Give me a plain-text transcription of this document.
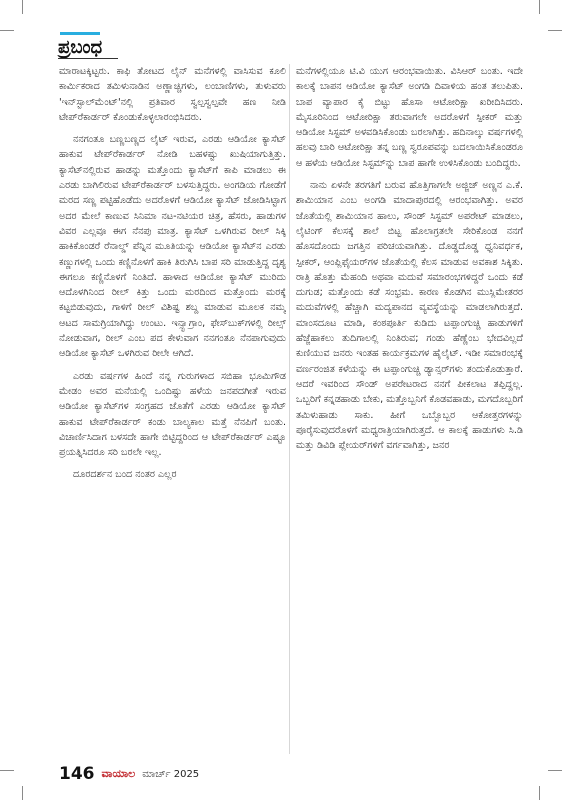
ಪ್ರಬಂಧ

ಮಾರಾಟಕ್ಕಿಟ್ಟರು. ಕಾಫಿ ತೋಟದ ಲೈನ್ ಮನೆಗಳಲ್ಲಿ ವಾಸಿಸುವ ಕೂಲಿ ಕಾರ್ಮಿಕರಾದ ತಮಿಳುನಾಡಿನ ಅಣ್ಣಾಚ್ಚಿಗಳು, ಲಂಬಾಣಿಗಳು, ತುಳುವರು 'ಇನ್‌ಸ್ಟಾಲ್‌ಮೆಂಟ್'ನಲ್ಲಿ ಪ್ರತಿವಾರ ಸ್ವಲ್ಪಸ್ವಲ್ಪವೇ ಹಣ ನೀಡಿ ಟೇಪ್‌ರೆಕಾರ್ಡರ್ ಕೊಂಡುಕೊಳ್ಳಲಾರಂಭಿಸಿದರು.

ನನಗಂತೂ ಬಣ್ಣಬಣ್ಣದ ಲೈಟ್ ಇರುವ, ಎರಡು ಆಡಿಯೋ ಕ್ಯಾಸೆಟ್ ಹಾಕುವ ಟೇಪ್‌ರೆಕಾರ್ಡರ್ ನೋಡಿ ಬಹಳಷ್ಟು ಖುಷಿಯಾಗುತ್ತಿತ್ತು. ಕ್ಯಾಸೆಟ್‌ನಲ್ಲಿರುವ ಹಾಡನ್ನು ಮತ್ತೊಂದು ಕ್ಯಾಸೆಟ್‌ಗೆ ಕಾಪಿ ಮಾಡಲು ಈ ಎರಡು ಬಾಗಿಲಿರುವ ಟೇಪ್‌ರೆಕಾರ್ಡರ್ ಬಳಸುತ್ತಿದ್ದರು. ಅಂಗಡಿಯ ಗೋಡೆಗೆ ಮರದ ಸಣ್ಣ ಪಟ್ಟಿಹೊಡೆದು ಅದರೊಳಗೆ ಆಡಿಯೋ ಕ್ಯಾಸೆಟ್ ಜೋಡಿಸಿಟ್ಟಾಗ ಅದರ ಮೇಲೆ ಕಾಣುವ ಸಿನಿಮಾ ನಟ-ನಟಿಯರ ಚಿತ್ರ, ಹೆಸರು, ಹಾಡುಗಳ ವಿವರ ಎಲ್ಲವೂ ಈಗ ನೆನಪು ಮಾತ್ರ. ಕ್ಯಾಸೆಟ್ ಒಳಗಿರುವ ರೀಲ್ ಸಿಕ್ಕಿ ಹಾಕಿಕೊಂಡರೆ ರೆನಾಲ್ಡ್ ಪೆನ್ನಿನ ಮೂತಿಯನ್ನು ಆಡಿಯೋ ಕ್ಯಾಸೆಟ್‌ನ ಎರಡು ಕಣ್ಣುಗಳಲ್ಲಿ ಒಂದು ಕಣ್ಣಿನೊಳಗೆ ಹಾಕಿ ತಿರುಗಿಸಿ ಬಾಪ ಸರಿ ಮಾಡುತ್ತಿದ್ದ ದೃಶ್ಯ ಈಗಲೂ ಕಣ್ಣಿನೊಳಗೆ ನಿಂತಿದೆ. ಹಾಳಾದ ಆಡಿಯೋ ಕ್ಯಾಸೆಟ್ ಮುರಿದು ಆದೊಳಗಿನಿಂದ ರೀಲ್ ಕಿತ್ತು ಒಂದು ಮರದಿಂದ ಮತ್ತೊಂದು ಮರಕ್ಕೆ ಕಟ್ಟಬಿಡುವುದು, ಗಾಳಿಗೆ ರೀಲ್ ವಿಶಿಷ್ಟ ಶಬ್ದ ಮಾಡುವ ಮೂಲಕ ನಮ್ಮ ಆಟದ ಸಾಮಗ್ರಿಯಾಗಿದ್ದು ಉಂಟು. ಇನ್ಸ್ಟಾಗ್ರಾಂ, ಫೇಸ್‌ಬುಕ್‌ಗಳಲ್ಲಿ ರೀಲ್ಸ್ ನೋಡುವಾಗ, ರೀಲ್ ಎಂಬ ಪದ ಕೇಳುವಾಗ ನನಗಂತೂ ನೆನಪಾಗುವುದು ಆಡಿಯೋ ಕ್ಯಾಸೆಟ್ ಒಳಗಿರುವ ರೀಲೇ ಆಗಿದೆ.

ಎರಡು ವರ್ಷಗಳ ಹಿಂದೆ ನನ್ನ ಗುರುಗಳಾದ ಸಬಿಹಾ ಭೂಮಿಗೌಡ ಮೇಡಂ ಅವರ ಮನೆಯಲ್ಲಿ ಒಂದಿಷ್ಟು ಹಳೆಯ ಜನಪದಗೀತೆ ಇರುವ ಆಡಿಯೋ ಕ್ಯಾಸೆಟ್‌ಗಳ ಸಂಗ್ರಹದ ಜೊತೆಗೆ ಎರಡು ಆಡಿಯೋ ಕ್ಯಾಸೆಟ್ ಹಾಕುವ ಟೇಪ್‌ರೆಕಾರ್ಡರ್ ಕಂಡು ಬಾಲ್ಯಕಾಲ ಮತ್ತೆ ನೆನಪಿಗೆ ಬಂತು. ವಿಚಾರ್ಣಿಸಿದಾಗ ಬಳಸದೇ ಹಾಗೇ ಬಿಟ್ಟಿದ್ದರಿಂದ ಆ ಟೇಪ್‌ರೆಕಾರ್ಡರ್ ಎಷ್ಟೂ ಪ್ರಯತ್ನಿಸಿದರೂ ಸರಿ ಬರಲೇ ಇಲ್ಲ.

ದೂರದರ್ಶನ ಬಂದ ನಂತರ ಎಲ್ಲರ

ಮನೆಗಳಲ್ಲಿಯೂ ಟಿ.ವಿ ಯುಗ ಆರಂಭವಾಯಿತು. ವಿಸಿಆರ್ ಬಂತು. ಇದೇ ಕಾಲಕ್ಕೆ ಬಾಪನ ಆಡಿಯೋ ಕ್ಯಾಸೆಟ್ ಅಂಗಡಿ ದಿವಾಳಿಯ ಹಂತ ತಲುಪಿತು. ಬಾಪ ವ್ಯಾಪಾರ ಕೈ ಬಿಟ್ಟು ಹೊಸಾ ಆಟೋರಿಕ್ಷಾ ಖರೀದಿಸಿದರು. ಮೈಸೂರಿನಿಂದ ಆಟೋರಿಕ್ಷಾ ತರುವಾಗಲೇ ಅದರೊಳಗೆ ಸ್ಪೀಕರ್ ಮತ್ತು ಆಡಿಯೋ ಸಿಸ್ಟಮ್ ಅಳವಡಿಸಿಕೊಂಡು ಬರಲಾಗಿತ್ತು. ಹದಿನಾಲ್ಕು ವರ್ಷಗಳಲ್ಲಿ ಹಲವು ಬಾರಿ ಆಟೋರಿಕ್ಷಾ ತನ್ನ ಬಣ್ಣ ಸ್ವರೂಪವನ್ನು ಬದಲಾಯಿಸಿಕೊಂಡರೂ ಆ ಹಳೆಯ ಆಡಿಯೋ ಸಿಸ್ಟಮ್‌ನ್ನು ಬಾಪ ಹಾಗೇ ಉಳಿಸಿಕೊಂಡು ಬಂದಿದ್ದರು.

ನಾನು ಏಳನೇ ತರಗತಿಗೆ ಬರುವ ಹೊತ್ತಿಗಾಗಲೇ ಅಜ್ಜಿಜ್ ಅಣ್ಣನ ಎ.ಕೆ. ಶಾಮಿಯಾನ ಎಂಬ ಅಂಗಡಿ ಮಾದಾಪುರದಲ್ಲಿ ಆರಂಭವಾಗಿತ್ತು. ಅವರ ಜೊತೆಯಲ್ಲಿ ಶಾಮಿಯಾನ ಹಾಲು, ಸೌಂಡ್ ಸಿಸ್ಟಮ್ ಅಪರೇಟ್ ಮಾಡಲು, ಲೈಟಿಂಗ್ ಕೆಲಸಕ್ಕೆ ಶಾಲೆ ಬಿಟ್ಟ ಹೊಲಾಗ್ರತಲೇ ಸೇರಿಕೊಂಡ ನನಗೆ ಹೊಸದೊಂದು ಜಗತ್ತಿನ ಪರಿಚಯವಾಗಿತ್ತು. ದೊಡ್ಡದೊಡ್ಡ ಧ್ವನಿವರ್ಧಕ, ಸ್ಪೀಕರ್, ಆಂಪ್ಲಿಫೈಯರ್‌ಗಳ ಜೊತೆಯಲ್ಲಿ ಕೆಲಸ ಮಾಡುವ ಅವಕಾಶ ಸಿಕ್ಕಿತು. ರಾತ್ರಿ ಹೊತ್ತು ಮೆಹಂದಿ ಅಥವಾ ಮದುವೆ ಸಮಾರಂಭಗಳಿದ್ದರೆ ಒಂದು ಕಡೆ ದುಗುಡ; ಮತ್ತೊಂದು ಕಡೆ ಸಂಭ್ರಮ. ಕಾರಣ ಕೊಡಗಿನ ಮುಸ್ಲಿಮೇತರರ ಮದುವೆಗಳಲ್ಲಿ ಹೆಚ್ಚಾಗಿ ಮದ್ಯಪಾನದ ವ್ಯವಸ್ಥೆಯನ್ನು ಮಾಡಲಾಗಿರುತ್ತದೆ. ಮಾಂಸದೂಟ ಮಾಡಿ, ಕಂಠಪೂರ್ತಿ ಕುಡಿದು ಟಪ್ಪಾಂಗುಚ್ಚಿ ಹಾಡುಗಳಿಗೆ ಹೆಜ್ಜೆಹಾಕಲು ತುದಿಗಾಲಲ್ಲಿ ನಿಂತಿರುವ; ಗಂಡು ಹೆಣ್ಣೆಂಬ ಭೇದವಿಲ್ಲದೆ ಕುಣಿಯುವ ಜನರು ಇಂತಹ ಕಾರ್ಯಕ್ರಮಗಳ ಹೈಲೈಟ್. ಇಡೀ ಸಮಾರಂಭಕ್ಕೆ ವರ್ಣರಂಜಿತ ಕಳೆಯನ್ನು ಈ ಟಪ್ಪಾಂಗುಚ್ಚಿ ಡ್ಯಾನ್ಸರ್‌ಗಳು ತಂದುಕೊಡುತ್ತಾರೆ. ಆದರೆ ಇವರಿಂದ ಸೌಂಡ್ ಅಪರೇಟರಾದ ನನಗೆ ಪೀಕಲಾಟ ತಪ್ಪಿದ್ದಲ್ಲ. ಒಬ್ಬರಿಗೆ ಕನ್ನಡಹಾಡು ಬೇಕು, ಮತ್ತೊಬ್ಬನಿಗೆ ಕೊಡವಹಾಡು, ಮಗದೊಬ್ಬರಿಗೆ ತಮಿಳುಹಾಡು ಸಾಕು. ಹೀಗೆ ಒಬ್ಬೊಬ್ಬರ ಆಕೋತ್ತರಗಳನ್ನು ಪೂರೈಸುವುದರೊಳಗೆ ಮಧ್ಯರಾತ್ರಿಯಾಗಿರುತ್ತದೆ. ಆ ಕಾಲಕ್ಕೆ ಹಾಡುಗಳು ಸಿ.ಡಿ ಮತ್ತು ಡಿವಿಡಿ ಪ್ಲೇಯರ್‌ಗಳಿಗೆ ವರ್ಗವಾಗಿತ್ತು, ಜನರ

146 ವಾಯಾಲ ಮಾರ್ಚ್ 2025
